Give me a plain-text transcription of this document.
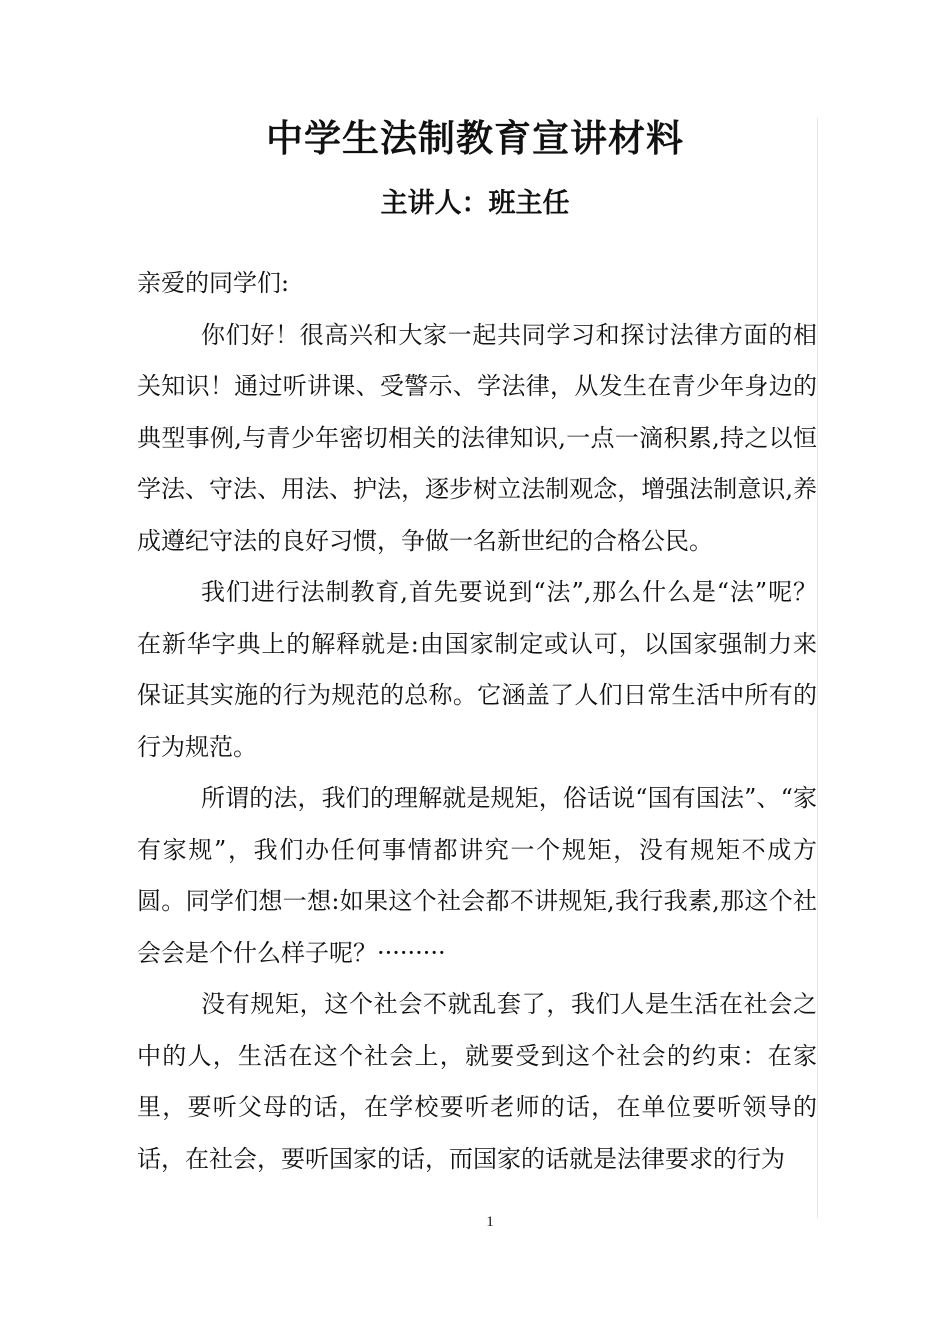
中学生法制教育宣讲材料
主讲人：班主任

亲爱的同学们:

你们好！很高兴和大家一起共同学习和探讨法律方面的相关知识！通过听讲课、受警示、学法律，从发生在青少年身边的典型事例,与青少年密切相关的法律知识,一点一滴积累,持之以恒学法、守法、用法、护法，逐步树立法制观念，增强法制意识,养成遵纪守法的良好习惯，争做一名新世纪的合格公民。

我们进行法制教育,首先要说到“法”,那么什么是“法”呢？在新华字典上的解释就是:由国家制定或认可，以国家强制力来保证其实施的行为规范的总称。它涵盖了人们日常生活中所有的行为规范。

所谓的法，我们的理解就是规矩，俗话说“国有国法”、“家有家规”，我们办任何事情都讲究一个规矩，没有规矩不成方圆。同学们想一想:如果这个社会都不讲规矩,我行我素,那这个社会会是个什么样子呢？·········

没有规矩，这个社会不就乱套了，我们人是生活在社会之中的人，生活在这个社会上，就要受到这个社会的约束：在家里，要听父母的话，在学校要听老师的话，在单位要听领导的话，在社会，要听国家的话，而国家的话就是法律要求的行为

1
